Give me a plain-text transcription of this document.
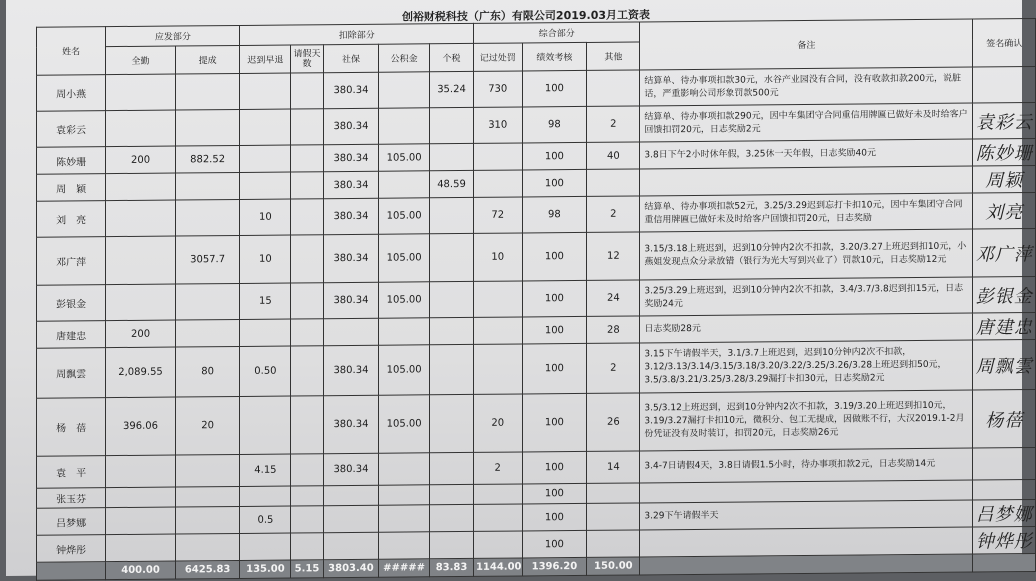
创裕财税科技（广东）有限公司2019.03月工资表
姓名	应发部分		扣除部分					综合部分			备注	签名确认
	全勤	提成	迟到早退	请假天数	社保	公积金	个税	记过处罚	绩效考核	其他		
周小燕					380.34		35.24	730	100		结算单、待办事项扣款30元，水谷产业园没有合同，没有收款扣款200元，说脏话，严重影响公司形象罚款500元	
袁彩云					380.34			310	98	2	结算单、待办事项扣款290元，因中车集团守合同重信用牌匾已做好未及时给客户回馈扣罚20元，日志奖励2元	袁彩云
陈妙珊	200	882.52			380.34	105.00			100	40	3.8日下午2小时休年假，3.25休一天年假，日志奖励40元	陈妙珊
周　颖					380.34		48.59		100			周颖
刘　亮			10		380.34	105.00		72	98	2	结算单、待办事项扣款52元，3.25/3.29迟到忘打卡扣10元，因中车集团守合同重信用牌匾已做好未及时给客户回馈扣罚20元，日志奖励	刘亮
邓广萍		3057.7	10		380.34	105.00		10	100	12	3.15/3.18上班迟到，迟到10分钟内2次不扣款，3.20/3.27上班迟到扣10元，小燕姐发现点众分录放错（银行为光大写到兴业了）罚款10元，日志奖励12元	邓广萍
彭银金			15		380.34	105.00			100	24	3.25/3.29上班迟到，迟到10分钟内2次不扣款，3.4/3.7/3.8迟到扣15元，日志奖励24元	彭银金
唐建忠	200								100	28	日志奖励28元	唐建忠
周飘雲	2,089.55	80	0.50		380.34	105.00			100	2	3.15下午请假半天，3.1/3.7上班迟到，迟到10分钟内2次不扣款，3.12/3.13/3.14/3.15/3.18/3.20/3.22/3.25/3.26/3.28上班迟到扣50元，3.5/3.8/3.21/3.25/3.28/3.29漏打卡扣30元，日志奖励2元	周飘雲
杨　蓓	396.06	20			380.34	105.00		20	100	26	3.5/3.12上班迟到，迟到10分钟内2次不扣款，3.19/3.20上班迟到扣10元，3.19/3.27漏打卡扣10元，微积分、包工无提成，因做账不行，大汉2019.1-2月份凭证没有及时装订，扣罚20元，日志奖励26元	杨蓓
袁　平			4.15		380.34			2	100	14	3.4-7日请假4天，3.8日请假1.5小时，待办事项扣款2元，日志奖励14元	
张玉芬									100			
吕梦娜			0.5						100		3.29下午请假半天	吕梦娜
钟烨彤									100			钟烨彤
	400.00	6425.83	135.00	5.15	3803.40	#####	83.83	1144.00	1396.20	150.00		
